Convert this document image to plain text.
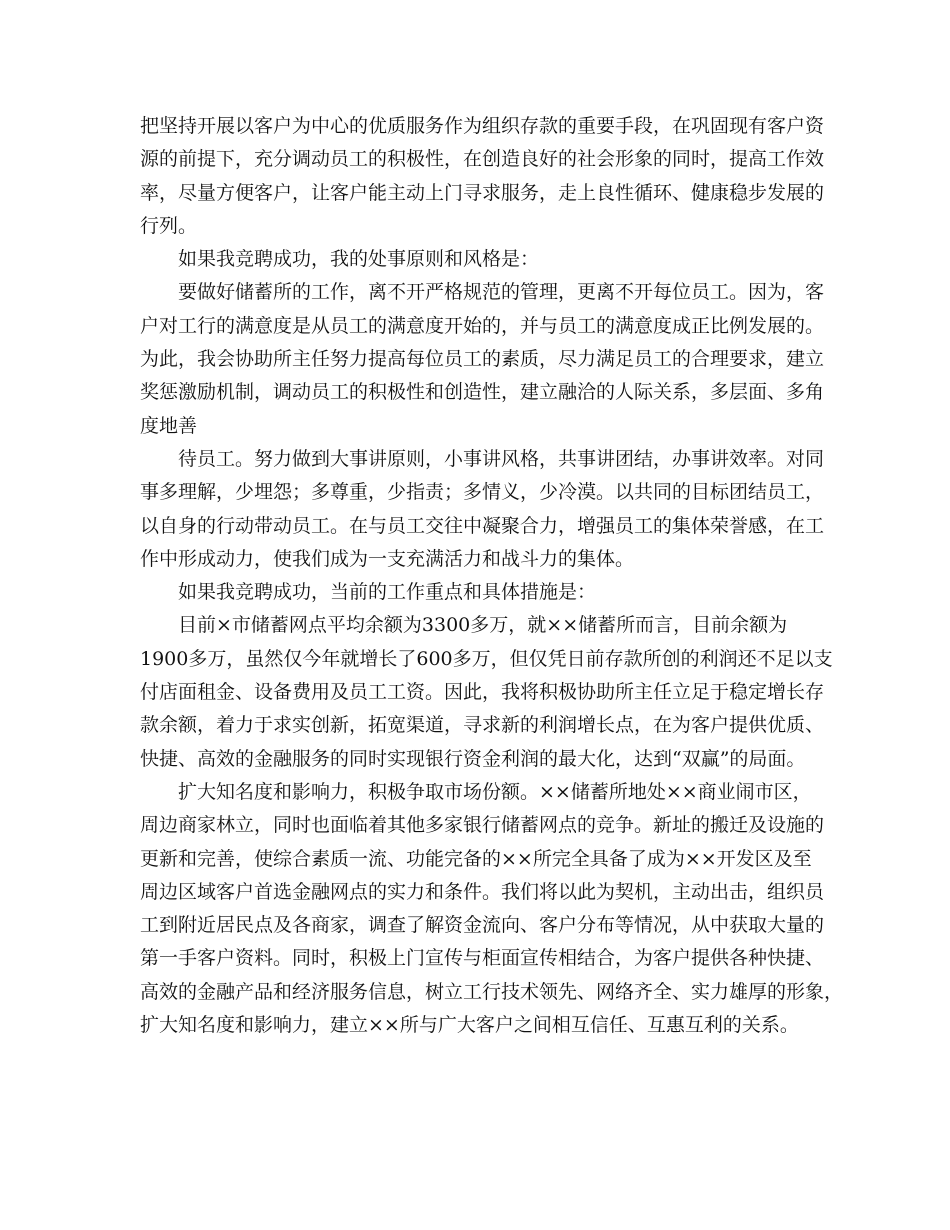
把坚持开展以客户为中心的优质服务作为组织存款的重要手段，在巩固现有客户资
源的前提下，充分调动员工的积极性，在创造良好的社会形象的同时，提高工作效
率，尽量方便客户，让客户能主动上门寻求服务，走上良性循环、健康稳步发展的
行列。
如果我竞聘成功，我的处事原则和风格是：
要做好储蓄所的工作，离不开严格规范的管理，更离不开每位员工。因为，客
户对工行的满意度是从员工的满意度开始的，并与员工的满意度成正比例发展的。
为此，我会协助所主任努力提高每位员工的素质，尽力满足员工的合理要求，建立
奖惩激励机制，调动员工的积极性和创造性，建立融洽的人际关系，多层面、多角
度地善
待员工。努力做到大事讲原则，小事讲风格，共事讲团结，办事讲效率。对同
事多理解，少埋怨；多尊重，少指责；多情义，少冷漠。以共同的目标团结员工，
以自身的行动带动员工。在与员工交往中凝聚合力，增强员工的集体荣誉感，在工
作中形成动力，使我们成为一支充满活力和战斗力的集体。
如果我竞聘成功，当前的工作重点和具体措施是：
目前×市储蓄网点平均余额为3300多万，就××储蓄所而言，目前余额为
1900多万，虽然仅今年就增长了600多万，但仅凭日前存款所创的利润还不足以支
付店面租金、设备费用及员工工资。因此，我将积极协助所主任立足于稳定增长存
款余额，着力于求实创新，拓宽渠道，寻求新的利润增长点，在为客户提供优质、
快捷、高效的金融服务的同时实现银行资金利润的最大化，达到“双赢”的局面。
扩大知名度和影响力，积极争取市场份额。××储蓄所地处××商业闹市区，
周边商家林立，同时也面临着其他多家银行储蓄网点的竞争。新址的搬迁及设施的
更新和完善，使综合素质一流、功能完备的××所完全具备了成为××开发区及至
周边区域客户首选金融网点的实力和条件。我们将以此为契机，主动出击，组织员
工到附近居民点及各商家，调查了解资金流向、客户分布等情况，从中获取大量的
第一手客户资料。同时，积极上门宣传与柜面宣传相结合，为客户提供各种快捷、
高效的金融产品和经济服务信息，树立工行技术领先、网络齐全、实力雄厚的形象，
扩大知名度和影响力，建立××所与广大客户之间相互信任、互惠互利的关系。
